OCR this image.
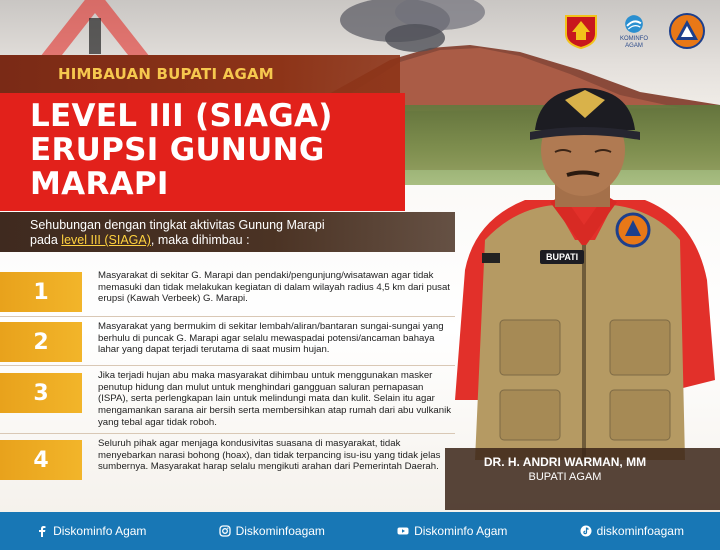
KOMINFO
AGAM
HIMBAUAN BUPATI AGAM
LEVEL III (SIAGA)
ERUPSI GUNUNG
MARAPI
Sehubungan dengan tingkat aktivitas Gunung Marapi
pada level III (SIAGA), maka dihimbau :
1
Masyarakat di sekitar G. Marapi dan pendaki/pengunjung/wisatawan agar tidak memasuki dan tidak melakukan kegiatan di dalam wilayah radius 4,5 km dari pusat erupsi (Kawah Verbeek) G. Marapi.
2
Masyarakat yang bermukim di sekitar lembah/aliran/bantaran sungai-sungai yang berhulu di puncak G. Marapi agar selalu mewaspadai potensi/ancaman bahaya lahar yang dapat terjadi terutama di saat musim hujan.
3
Jika terjadi hujan abu maka masyarakat dihimbau untuk menggunakan masker penutup hidung dan mulut untuk menghindari gangguan saluran pernapasan (ISPA), serta perlengkapan lain untuk melindungi mata dan kulit. Selain itu agar mengamankan sarana air bersih serta membersihkan atap rumah dari abu vulkanik yang tebal agar tidak roboh.
4
Seluruh pihak agar menjaga kondusivitas suasana di masyarakat, tidak menyebarkan narasi bohong (hoax), dan tidak terpancing isu-isu yang tidak jelas sumbernya. Masyarakat harap selalu mengikuti arahan dari Pemerintah Daerah.
BUPATI
DR. H. ANDRI WARMAN, MM
BUPATI AGAM
Diskominfo Agam	Diskominfoagam	Diskominfo Agam	diskominfoagam
